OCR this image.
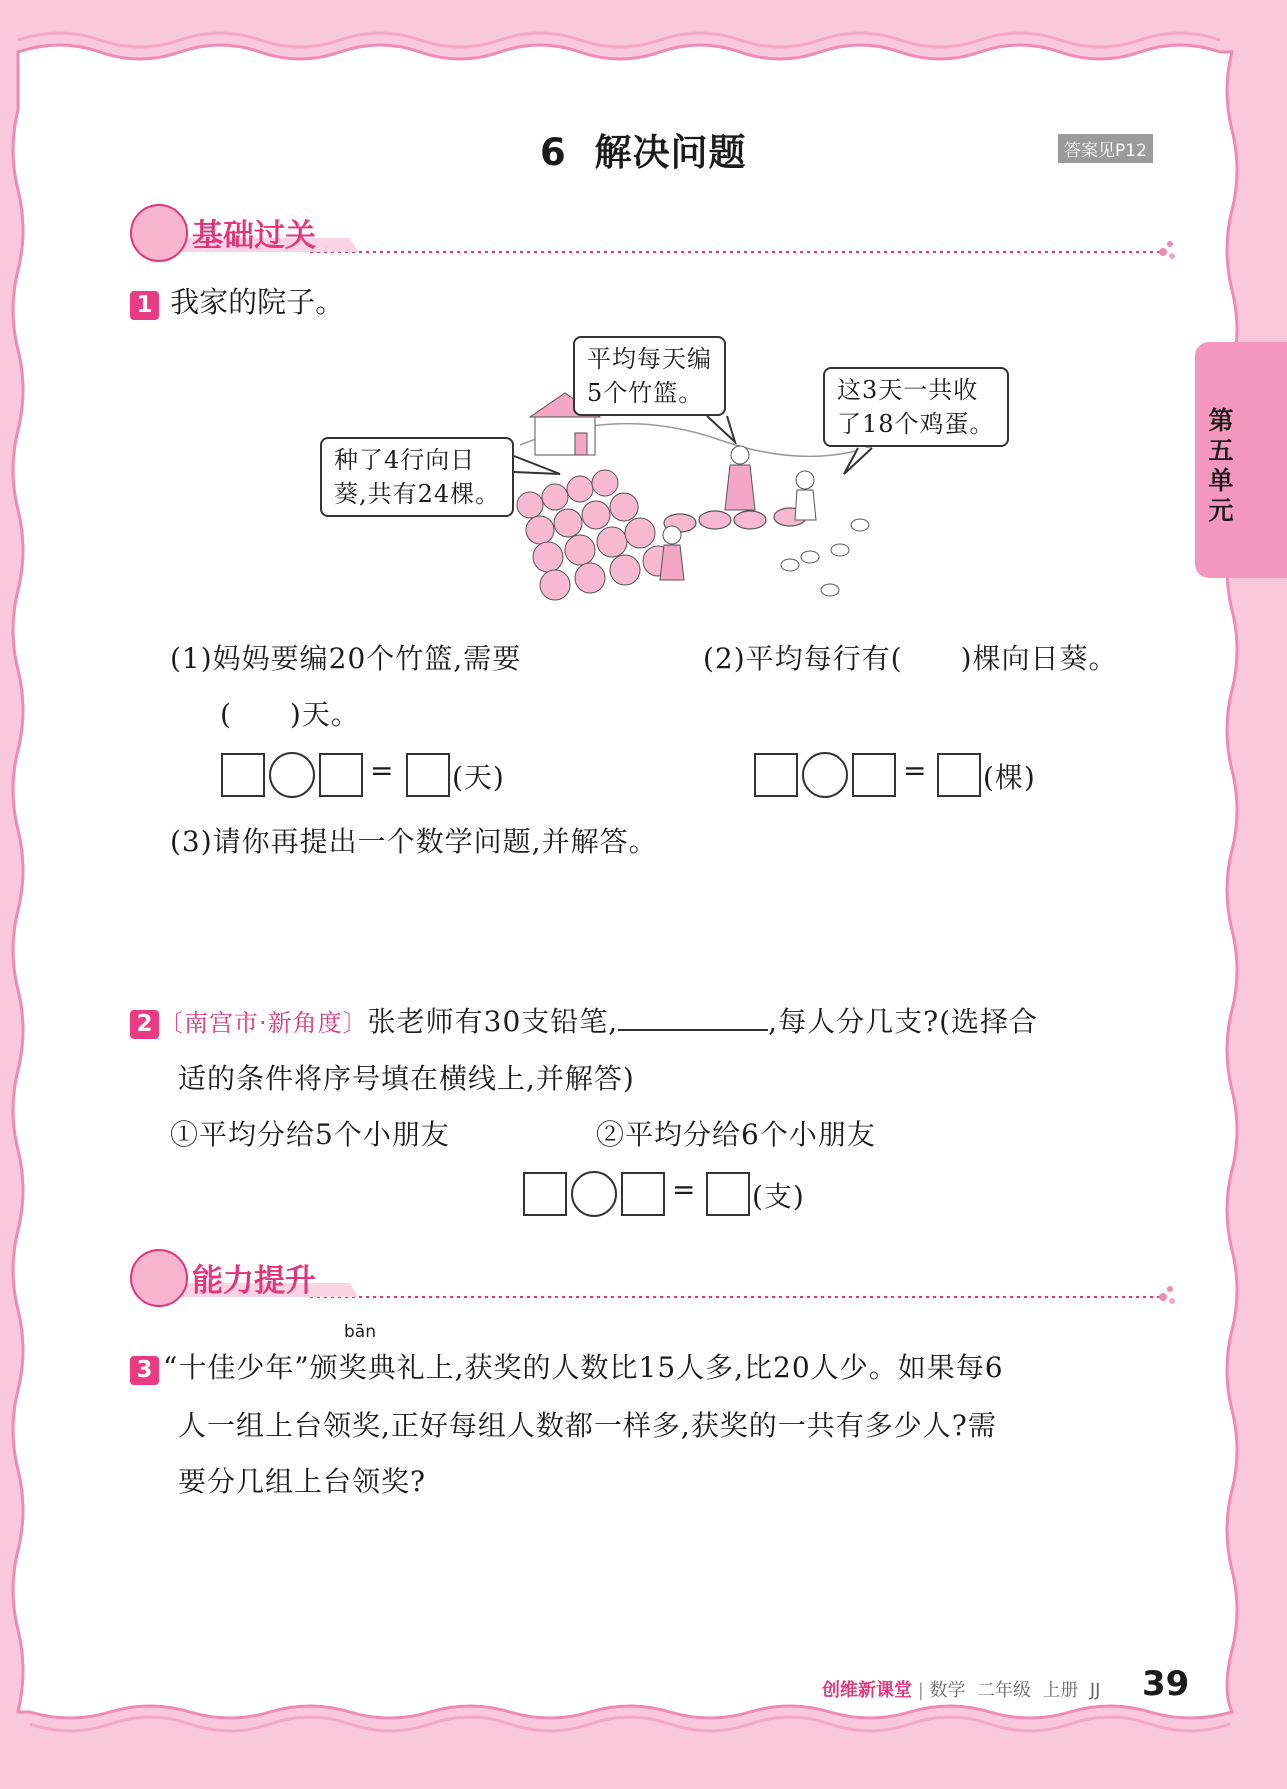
第五单元
6  解决问题	答案见P12
基础过关
1 我家的院子。
平均每天编
5个竹篮。	这3天一共收
了18个鸡蛋。
种了4行向日
葵,共有24棵。
(1)妈妈要编20个竹篮,需要
(　　)天。
= (天)
(2)平均每行有(　　)棵向日葵。
= (棵)
(3)请你再提出一个数学问题,并解答。
2 〔南宫市·新角度〕张老师有30支铅笔,	,每人分几支?(选择合
适的条件将序号填在横线上,并解答)
①平均分给5个小朋友	②平均分给6个小朋友
= (支)
能力提升
bān
3 “十佳少年”颁奖典礼上,获奖的人数比15人多,比20人少。如果每6
人一组上台领奖,正好每组人数都一样多,获奖的一共有多少人?需
要分几组上台领奖?
创维新课堂 | 数学  二年级  上册  JJ 39
